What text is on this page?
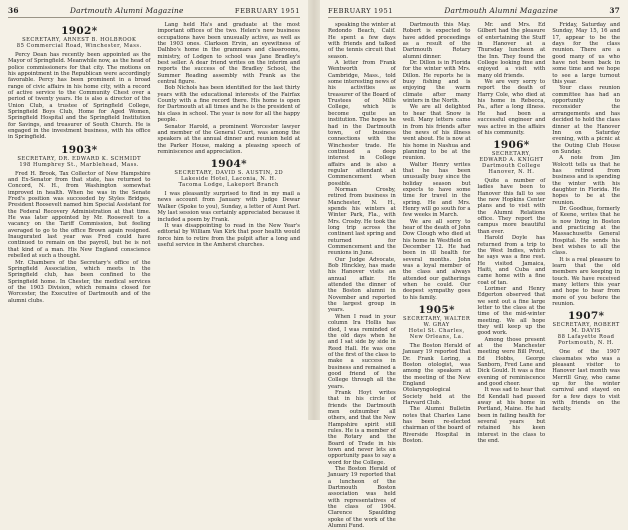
36	Dartmouth Alumni Magazine	FEBRUARY 1951
1902*
SECRETARY, ARNEST B. HOLBROOK
85 Commercial Road, Winchester, Mass.

Percy Dean has recently been appointed as the Mayor of Springfield. Meanwhile now, as the head of police commissioners for that city. The motions on his appointment in the Republican were accordingly favorable. Percy has been prominent in a broad range of civic affairs in his home city, with a record of active service to the Community Chest over a period of twenty years. He is also a director of the Union Club, a trustee of Springfield College, Springfield Boys Club, Home for Aged Women, Springfield Hospital and the Springfield Institution for Savings, and treasurer of South Church. He is engaged in the investment business, with his office in Springfield.

1903*
SECRETARY, DR. EDWARD K. SCHMIDT
198 Humphrey St., Marblehead, Mass.

Fred H. Brook, Tax Collector of New Hampshire and Ex-Senator from that state, has returned to Concord, N. H., from Washington somewhat improved in health. When he was in the Senate Fred's position was succeeded by Styles Bridges, President Roosevelt named him Special Assistant for the Federal Recovery Administration at that time. He was later appointed by Mr. Roosevelt to a vacancy on the Tariff Commission, but feeling averaged to go to the office Brown again resigned. Inaugurated last year was Fred could have continued to remain on the payroll, but he is not that kind of a man. His New England conscience rebelled at such a thought.

Mr. Chambers of the Secretary's office of the Springfield Association, which meets in the Springfield club, has been confined to the Springfield home. In Chester, the medical services of the 1903 Division, which remains closed for Worcester, the Executive of Dartmouth and of the alumni clubs.

Lang held Ha's and graduate at the most important offices of the two. Helen's new business occupations have been unusually active, as well as the 1903 ones. Clarkson Ervin, an eyewitness of Dalhbo's home in the grammars and classrooms, ministry, of Lodgen to school was Jane Bradley's best seller. A dear friend writes on the interim and reports the success of the Bradley School, the Summer Reading assembly with Frank as the central figure.

Bob Nichols has been identified for the last thirty years with the educational interests of the Fairfax County with a fine record there. His home is open for Dartmouth at all times and he is the president of his class in school. The year is now for all the happy people.

Senator Harold, a prominent Worcester lawyer and member of the General Court, was among the speakers at the annual dinner and reunion held at the Parker House, making a pleasing speech of reminiscence and appreciation.

1904*
SECRETARY, DAVID S. AUSTIN, 2D
Lakeside Hotel, Laconia, N. H.
Tacoma Lodge, Lakeport Branch

I was pleasantly surprised to find in my mail a news account from January with Judge Dewar Walker (Spoke to you), Sunday, a letter of Aunt Parl. My last session was certainly appreciated because it included a poem by Frank.

It was disappointing to read in the New Year's editorial by William Van Kirk that poor health would force him to retire from the pulpit after a long and useful service in the Amherst churches.

FEBRUARY 1951	Dartmouth Alumni Magazine	37

speaking the winter at Redondo Beach, Calif. He spent a few days with friends and talked of the tennis circuit that season.

A letter from Frank Wentworth of Cambridge, Mass., told some interesting news of his activities as treasurer of the Board of Trustees of Mills College, which is become quite an institution. The hopes he had in the Dartmouth town, of business connections with the Winchester trade. He continued a deep interest in College affairs and is also a regular attendant at Commencement when possible.

Norman Crosby, retired from business in Manchester, N. H., spends his winters at Winter Park, Fla., with Mrs. Crosby. He took the long trip across the continent last spring and returned for Commencement and the reunions in June.

Our Judge Advocate, Bob Hinckley, has made his Hanover visits an annual affair. He attended the dinner of the Boston alumni in November and reported the largest group in years.

When I read in your column Ira Hollis has died, I was reminded of the old days when he and I sat side by side in Reed Hall. He was one of the first of the class to make a success in business and remained a good friend of the College through all the years.

Frank Hoyt writes that in his circle of friends the Dartmouth men outnumber all others, and that the New Hampshire spirit still rules. He is a member of the Rotary and the Board of Trade in his town and never lets an opportunity pass to say a word for the College.

The Boston Herald of January 19 reported that a luncheon of the Dartmouth Boston association was held with representatives of the class of 1904. Clarence Spaulding spoke of the work of the Alumni Fund.

Dartmouth this May. Robert is expected to have added proceedings as a result of the Dartmouth Rotary alumni dinner.

Dr. Dillon is in Florida for the winter with Mrs. Dillon. He reports he is busy fishing and is enjoying the warm climate after many winters in the North.

We are all delighted to hear that Snow is well. Many letters came in from his friends after the news of his illness went about. He is now at his home in Nashua and planning to be at the reunion.

Walter Henry writes that he has been unusually busy since the holiday season but expects to have some time for travel in the spring. He and Mrs. Henry will go south for a few weeks in March.

We are all sorry to hear of the death of John Dow Clough who died at his home in Westfield on December 12. He had been in ill health for several months. John was a loyal member of the class and always attended our gatherings when he could. Our deepest sympathy goes to his family.

1905*
SECRETARY, WALTER W. GRAY
Hotel St. Charles, New Orleans, La.

The Boston Herald of January 19 reported that Dr. Frank Loring, a Boston otologist, was among the speakers at the meeting of the New England Otolaryngological Society held at the Harvard Club.

The Alumni Bulletin notes that Charles Lane has been re-elected chairman of the board of Riverside Hospital in Boston.

Mr. and Mrs. Ed Gilbert had the pleasure of entertaining the Stuff in Hanover at a Thursday luncheon at the Inn. They found the College looking fine and enjoyed a visit with many old friends.

We are very sorry to report the death of Harry Cole, who died at his home in Rebecca, Pa., after a long illness. He had been a successful engineer and was active in the affairs of his community.

1906*
SECRETARY, EDWARD A. KNIGHT
Dartmouth College
Hanover, N. H.

Quite a number of ladies have been to Hanover this fall to see the new Hopkins Center plans and to visit with the Alumni Relations office. They report the campus more beautiful than ever.

Harold Doyle has returned from a trip to the West Indies, which he says was a fine rest. He visited Jamaica, Haiti, and Cuba and came home with a fine coat of tan.

Lorimer and Henry Edgerton observed that we sent out a fine large letter to the class at the time of the mid-winter meeting. We all hope they will keep up the good work.

Among those present at the Manchester meeting were Bill Prout, Ed Hobbs, George Sanborn, Fred Lane and Dick Gould. It was a fine evening of reminiscence and good cheer.

It was sad to hear that Ed Kendall had passed away at his home in Portland, Maine. He had been in failing health for several years but retained his keen interest in the class to the end.

Friday, Saturday and Sunday, May 15, 16 and 17, appear to be the days for the class reunion. There are a good many of us who have not been back in some time and we hope to see a large turnout this year.

Your class reunion committee has had an opportunity to reconsider the arrangements and has decided to hold the class dinner at the Hanover Inn on Saturday evening, with a picnic at the Outing Club House on Sunday.

A note from Jim Wolcott tells us that he has retired from business and is spending the winter with his daughter in Florida. He hopes to be at the reunion.

Dr. Goodhue, formerly of Keene, writes that he is now living in Boston and practicing at the Massachusetts General Hospital. He sends his best wishes to all the class.

It is a real pleasure to learn that the old members are keeping in touch. We have received many letters this year and hope to hear from more of you before the reunion.

1907*
SECRETARY, ROBERT M. DAVIS
88 Lafayette Road
Portsmouth, N. H.

One of the 1907 classmates who was a pleasant visitor to Hanover last month was Merrill Gray, who came up for the winter carnival and stayed on for a few days to visit with friends on the faculty.
